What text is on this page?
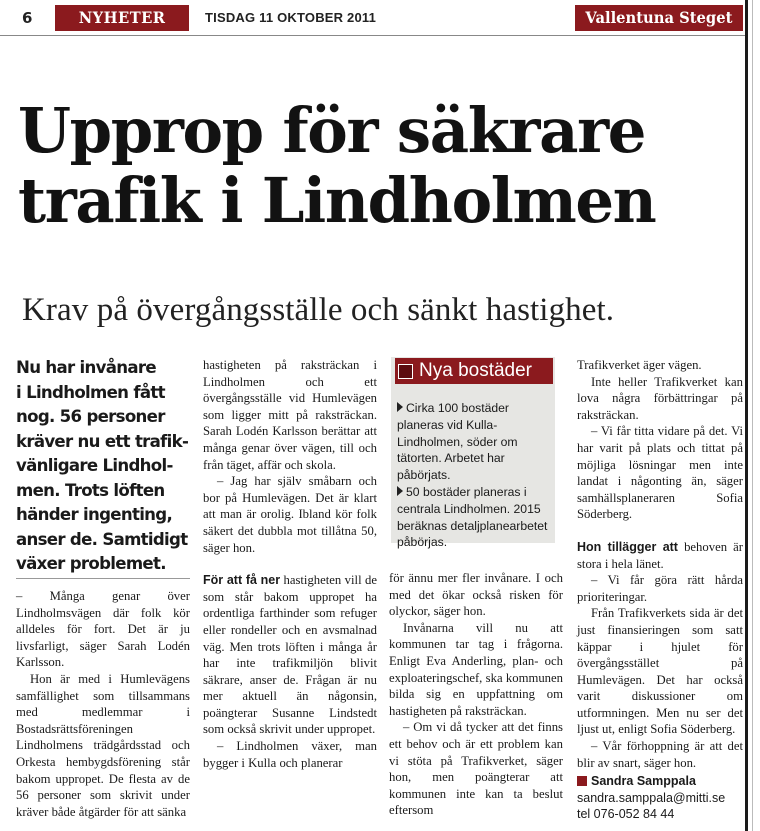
6	NYHETER	TISDAG 11 OKTOBER 2011	Vallentuna Steget
Upprop för säkrare
trafik i Lindholmen
Krav på övergångsställe och sänkt hastighet.
Nu har invånare
i Lindholmen fått
nog. 56 personer
kräver nu ett trafik-
vänligare Lindhol-
men. Trots löften
händer ingenting,
anser de. Samtidigt
växer problemet.

– Många genar över Lindholmsvägen där folk kör alldeles för fort. Det är ju livsfarligt, säger Sarah Lodén Karlsson.

Hon är med i Humlevägens samfällighet som tillsammans med medlemmar i Bostadsrättsföreningen Lindholmens trädgårdsstad och Orkesta hembygdsförening står bakom uppropet. De flesta av de 56 personer som skrivit under kräver både åtgärder för att sänka

hastigheten på raksträckan i Lindholmen och ett övergångsställe vid Humlevägen som ligger mitt på raksträckan. Sarah Lodén Karlsson berättar att många genar över vägen, till och från täget, affär och skola.

– Jag har själv småbarn och bor på Humlevägen. Det är klart att man är orolig. Ibland kör folk säkert det dubbla mot tillåtna 50, säger hon.

För att få ner hastigheten vill de som står bakom uppropet ha ordentliga farthinder som refuger eller rondeller och en avsmalnad väg. Men trots löften i många år har inte trafikmiljön blivit säkrare, anser de. Frågan är nu mer aktuell än någonsin, poängterar Susanne Lindstedt som också skrivit under uppropet.

– Lindholmen växer, man bygger i Kulla och planerar

Nya bostäder

Cirka 100 bostäder planeras vid Kulla-Lindholmen, söder om tätorten. Arbetet har påbörjats.

50 bostäder planeras i centrala Lindholmen. 2015 beräknas detaljplanearbetet påbörjas.

för ännu mer fler invånare. I och med det ökar också risken för olyckor, säger hon.

Invånarna vill nu att kommunen tar tag i frågorna. Enligt Eva Anderling, plan- och exploateringschef, ska kommunen bilda sig en uppfattning om hastigheten på raksträckan.

– Om vi då tycker att det finns ett behov och är ett problem kan vi stöta på Trafikverket, säger hon, men poängterar att kommunen inte kan ta beslut eftersom

Trafikverket äger vägen.

Inte heller Trafikverket kan lova några förbättringar på raksträckan.

– Vi får titta vidare på det. Vi har varit på plats och tittat på möjliga lösningar men inte landat i någonting än, säger samhällsplaneraren Sofia Söderberg.

Hon tillägger att behoven är stora i hela länet.

– Vi får göra rätt hårda prioriteringar.

Från Trafikverkets sida är det just finansieringen som satt käppar i hjulet för övergångsstället på Humlevägen. Det har också varit diskussioner om utformningen. Men nu ser det ljust ut, enligt Sofia Söderberg.

– Vår förhoppning är att det blir av snart, säger hon.

Sandra Samppala
sandra.samppala@mitti.se
tel 076-052 84 44
